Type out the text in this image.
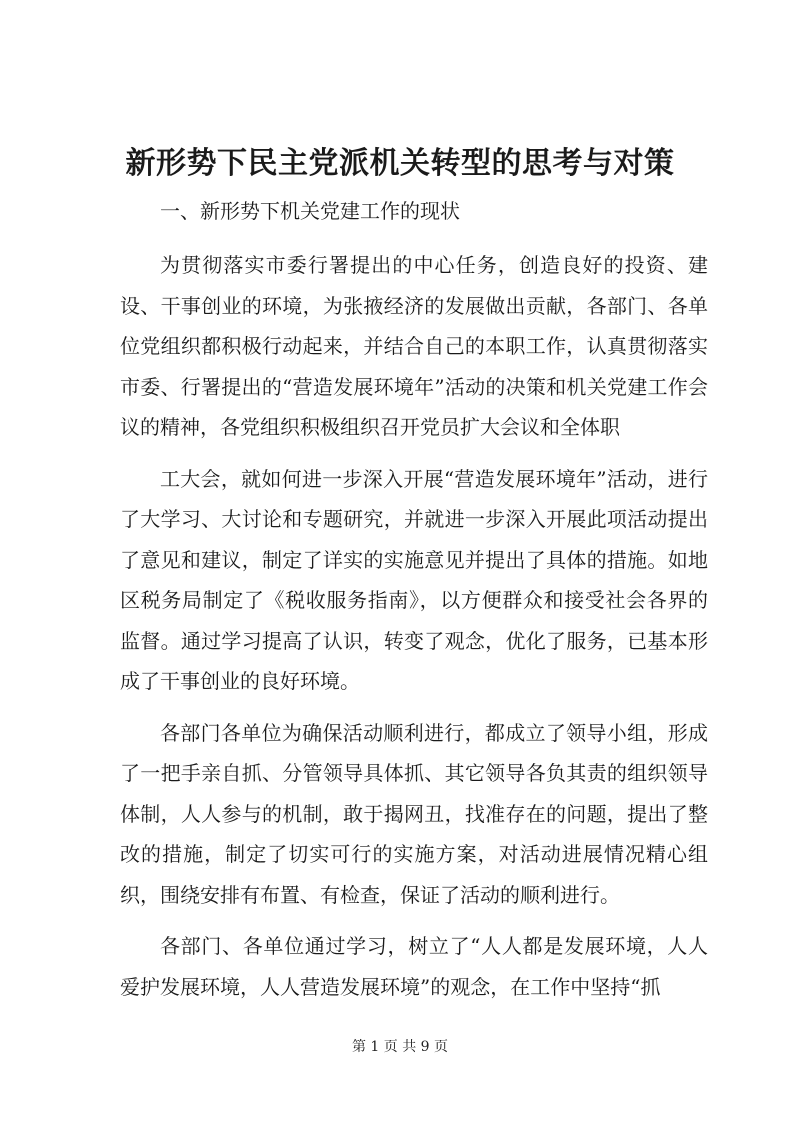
新形势下民主党派机关转型的思考与对策

一、新形势下机关党建工作的现状

为贯彻落实市委行署提出的中心任务，创造良好的投资、建设、干事创业的环境，为张掖经济的发展做出贡献，各部门、各单位党组织都积极行动起来，并结合自己的本职工作，认真贯彻落实市委、行署提出的“营造发展环境年”活动的决策和机关党建工作会议的精神，各党组织积极组织召开党员扩大会议和全体职

工大会，就如何进一步深入开展“营造发展环境年”活动，进行了大学习、大讨论和专题研究，并就进一步深入开展此项活动提出了意见和建议，制定了详实的实施意见并提出了具体的措施。如地区税务局制定了《税收服务指南》，以方便群众和接受社会各界的监督。通过学习提高了认识，转变了观念，优化了服务，已基本形成了干事创业的良好环境。

各部门各单位为确保活动顺利进行，都成立了领导小组，形成了一把手亲自抓、分管领导具体抓、其它领导各负其责的组织领导体制，人人参与的机制，敢于揭网丑，找准存在的问题，提出了整改的措施，制定了切实可行的实施方案，对活动进展情况精心组织，围绕安排有布置、有检查，保证了活动的顺利进行。

各部门、各单位通过学习，树立了“人人都是发展环境，人人爱护发展环境，人人营造发展环境”的观念，在工作中坚持“抓

第 1 页 共 9 页
